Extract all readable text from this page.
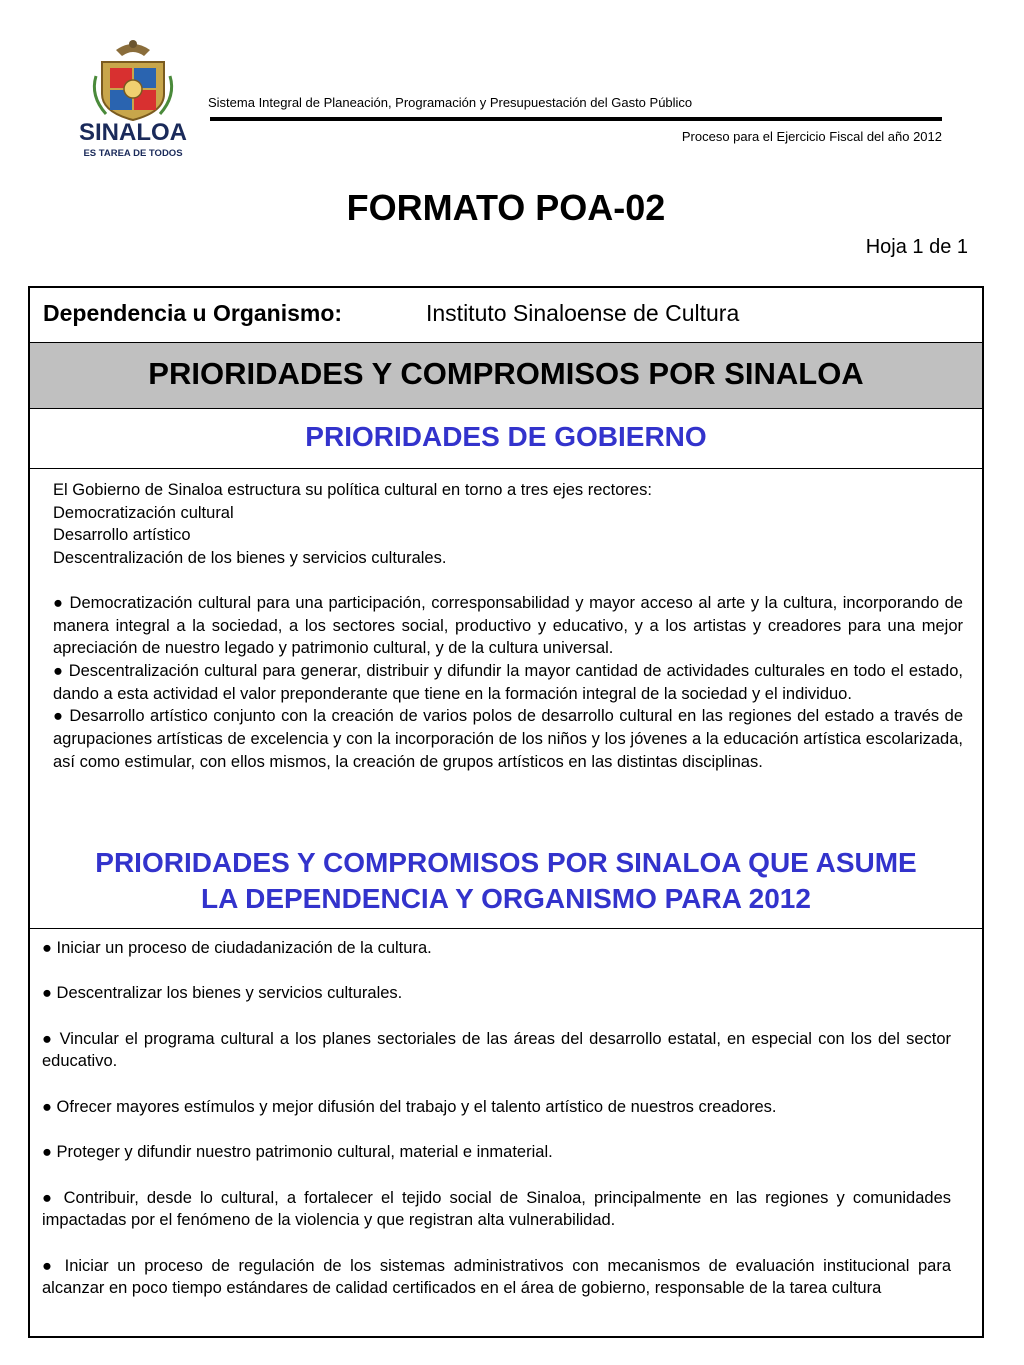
SINALOA
ES TAREA DE TODOS
Sistema Integral de Planeación, Programación y Presupuestación del Gasto Público
Proceso para el Ejercicio Fiscal del año 2012
FORMATO POA-02
Hoja 1 de 1
Dependencia u Organismo:	Instituto Sinaloense de Cultura
PRIORIDADES Y COMPROMISOS POR SINALOA
PRIORIDADES DE GOBIERNO

El Gobierno de Sinaloa estructura su política cultural en torno a tres ejes rectores:

Democratización cultural

Desarrollo artístico

Descentralización de los bienes y servicios culturales.

● Democratización cultural para una participación, corresponsabilidad y mayor acceso al arte y la cultura, incorporando de manera integral a la sociedad, a los sectores social, productivo y educativo, y a los artistas y creadores para una mejor apreciación de nuestro legado y patrimonio cultural, y de la cultura universal.

● Descentralización cultural para generar, distribuir y difundir la mayor cantidad de actividades culturales en todo el estado, dando a esta actividad el valor preponderante que tiene en la formación integral de la sociedad y el individuo.

● Desarrollo artístico conjunto con la creación de varios polos de desarrollo cultural en las regiones del estado a través de agrupaciones artísticas de excelencia y con la incorporación de los niños y los jóvenes a la educación artística escolarizada, así como estimular, con ellos mismos, la creación de grupos artísticos en las distintas disciplinas.

PRIORIDADES Y COMPROMISOS POR SINALOA QUE ASUME
LA DEPENDENCIA Y ORGANISMO PARA 2012

● Iniciar un proceso de ciudadanización de la cultura.

● Descentralizar los bienes y servicios culturales.

● Vincular el programa cultural a los planes sectoriales de las áreas del desarrollo estatal, en especial con los del sector educativo.

● Ofrecer mayores estímulos y mejor difusión del trabajo y el talento artístico de nuestros creadores.

● Proteger y difundir nuestro patrimonio cultural, material e inmaterial.

● Contribuir, desde lo cultural, a fortalecer el tejido social de Sinaloa, principalmente en las regiones y comunidades impactadas por el fenómeno de la violencia y que registran alta vulnerabilidad.

● Iniciar un proceso de regulación de los sistemas administrativos con mecanismos de evaluación institucional para alcanzar en poco tiempo estándares de calidad certificados en el área de gobierno, responsable de la tarea cultura
